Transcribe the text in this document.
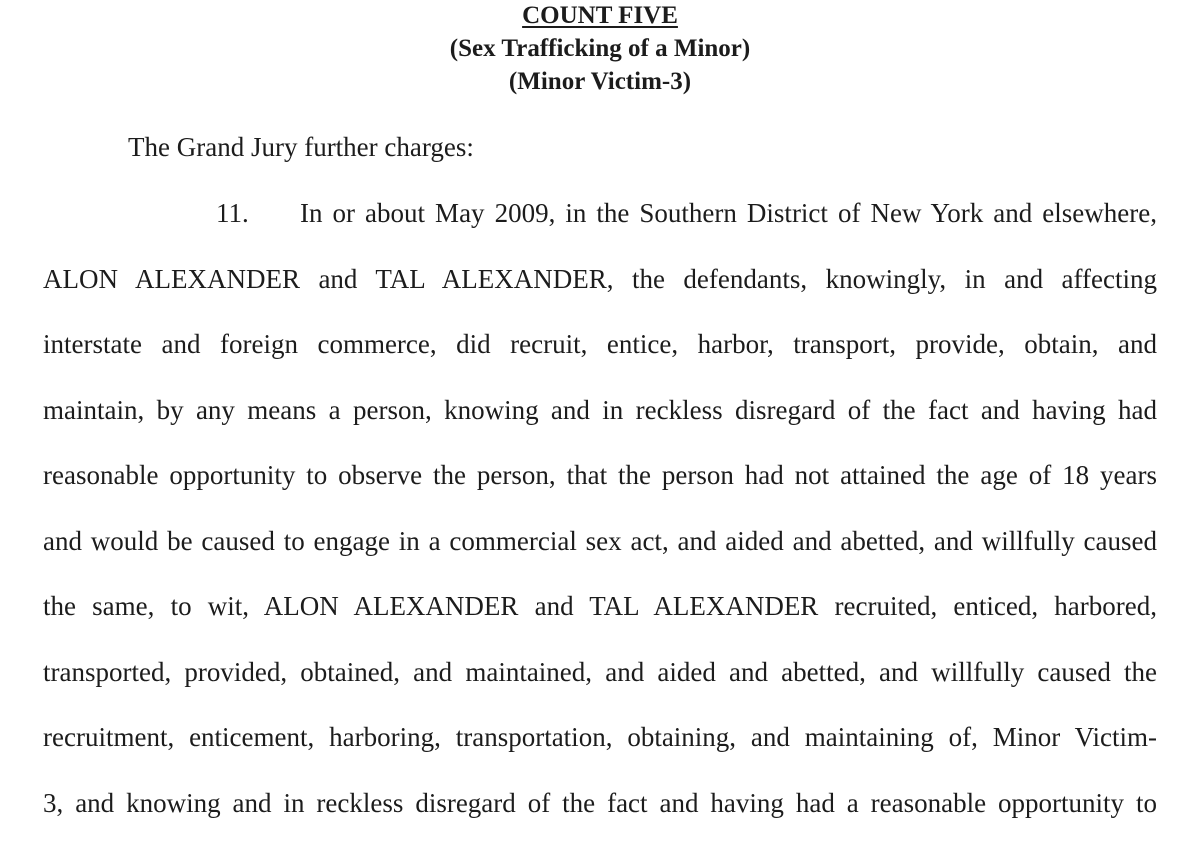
COUNT FIVE

(Sex Trafficking of a Minor)

(Minor Victim-3)

The Grand Jury further charges:

11. In or about May 2009, in the Southern District of New York and elsewhere,

ALON ALEXANDER and TAL ALEXANDER, the defendants, knowingly, in and affecting

interstate and foreign commerce, did recruit, entice, harbor, transport, provide, obtain, and

maintain, by any means a person, knowing and in reckless disregard of the fact and having had

reasonable opportunity to observe the person, that the person had not attained the age of 18 years

and would be caused to engage in a commercial sex act, and aided and abetted, and willfully caused

the same, to wit, ALON ALEXANDER and TAL ALEXANDER recruited, enticed, harbored,

transported, provided, obtained, and maintained, and aided and abetted, and willfully caused the

recruitment, enticement, harboring, transportation, obtaining, and maintaining of, Minor Victim-

3, and knowing and in reckless disregard of the fact and having had a reasonable opportunity to
